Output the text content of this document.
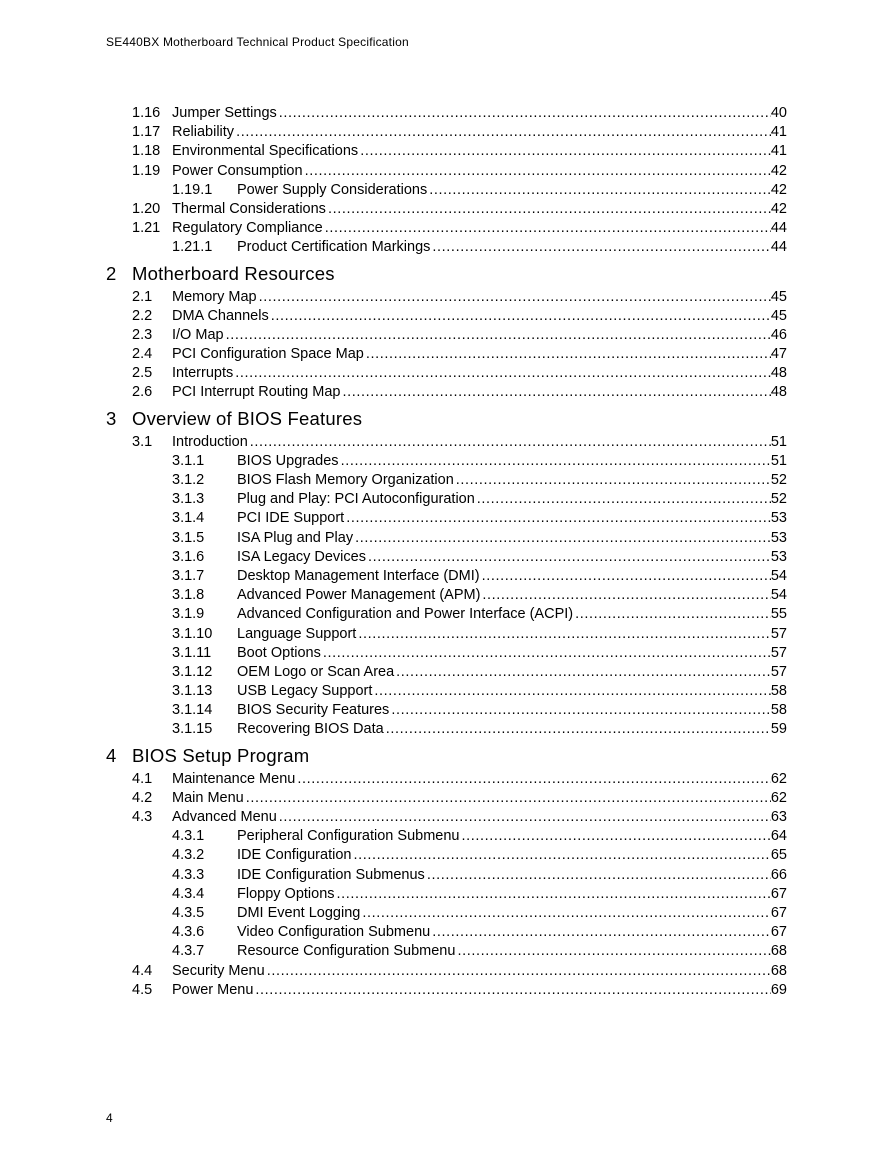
SE440BX Motherboard Technical Product Specification
1.16 Jumper Settings .....	40
1.17 Reliability .....	41
1.18 Environmental Specifications .....	41
1.19 Power Consumption .....	42
1.19.1 Power Supply Considerations .....	42
1.20 Thermal Considerations .....	42
1.21 Regulatory Compliance .....	44
1.21.1 Product Certification Markings .....	44
2 Motherboard Resources
2.1 Memory Map .....	45
2.2 DMA Channels .....	45
2.3 I/O Map .....	46
2.4 PCI Configuration Space Map .....	47
2.5 Interrupts .....	48
2.6 PCI Interrupt Routing Map .....	48
3 Overview of BIOS Features
3.1 Introduction .....	51
3.1.1 BIOS Upgrades .....	51
3.1.2 BIOS Flash Memory Organization .....	52
3.1.3 Plug and Play: PCI Autoconfiguration .....	52
3.1.4 PCI IDE Support .....	53
3.1.5 ISA Plug and Play .....	53
3.1.6 ISA Legacy Devices .....	53
3.1.7 Desktop Management Interface (DMI) .....	54
3.1.8 Advanced Power Management (APM) .....	54
3.1.9 Advanced Configuration and Power Interface (ACPI) .....	55
3.1.10 Language Support .....	57
3.1.11 Boot Options .....	57
3.1.12 OEM Logo or Scan Area .....	57
3.1.13 USB Legacy Support .....	58
3.1.14 BIOS Security Features .....	58
3.1.15 Recovering BIOS Data .....	59
4 BIOS Setup Program
4.1 Maintenance Menu .....	62
4.2 Main Menu .....	62
4.3 Advanced Menu .....	63
4.3.1 Peripheral Configuration Submenu .....	64
4.3.2 IDE Configuration .....	65
4.3.3 IDE Configuration Submenus .....	66
4.3.4 Floppy Options .....	67
4.3.5 DMI Event Logging .....	67
4.3.6 Video Configuration Submenu .....	67
4.3.7 Resource Configuration Submenu .....	68
4.4 Security Menu .....	68
4.5 Power Menu .....	69
4
